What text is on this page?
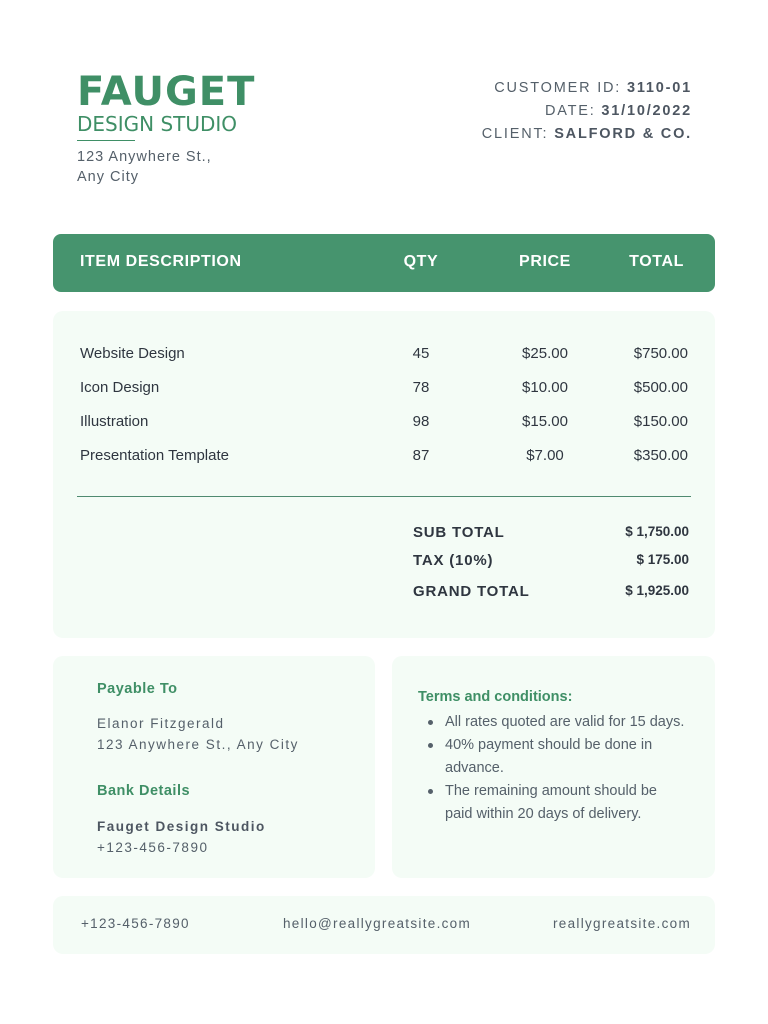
FAUGET
DESIGN STUDIO
123 Anywhere St.,
Any City
CUSTOMER ID: 3110-01
DATE: 31/10/2022
CLIENT: SALFORD & CO.
ITEM DESCRIPTION	QTY	PRICE	TOTAL
Website Design	45	$25.00	$750.00
Icon Design	78	$10.00	$500.00
Illustration	98	$15.00	$150.00
Presentation Template	87	$7.00	$350.00
SUB TOTAL	$ 1,750.00
TAX (10%)	$ 175.00
GRAND TOTAL	$ 1,925.00
Payable To
Elanor Fitzgerald
123 Anywhere St., Any City
Bank Details
Fauget Design Studio
+123-456-7890
Terms and conditions:
All rates quoted are valid for 15 days.
40% payment should be done in advance.
The remaining amount should be paid within 20 days of delivery.
+123-456-7890	hello@reallygreatsite.com	reallygreatsite.com
